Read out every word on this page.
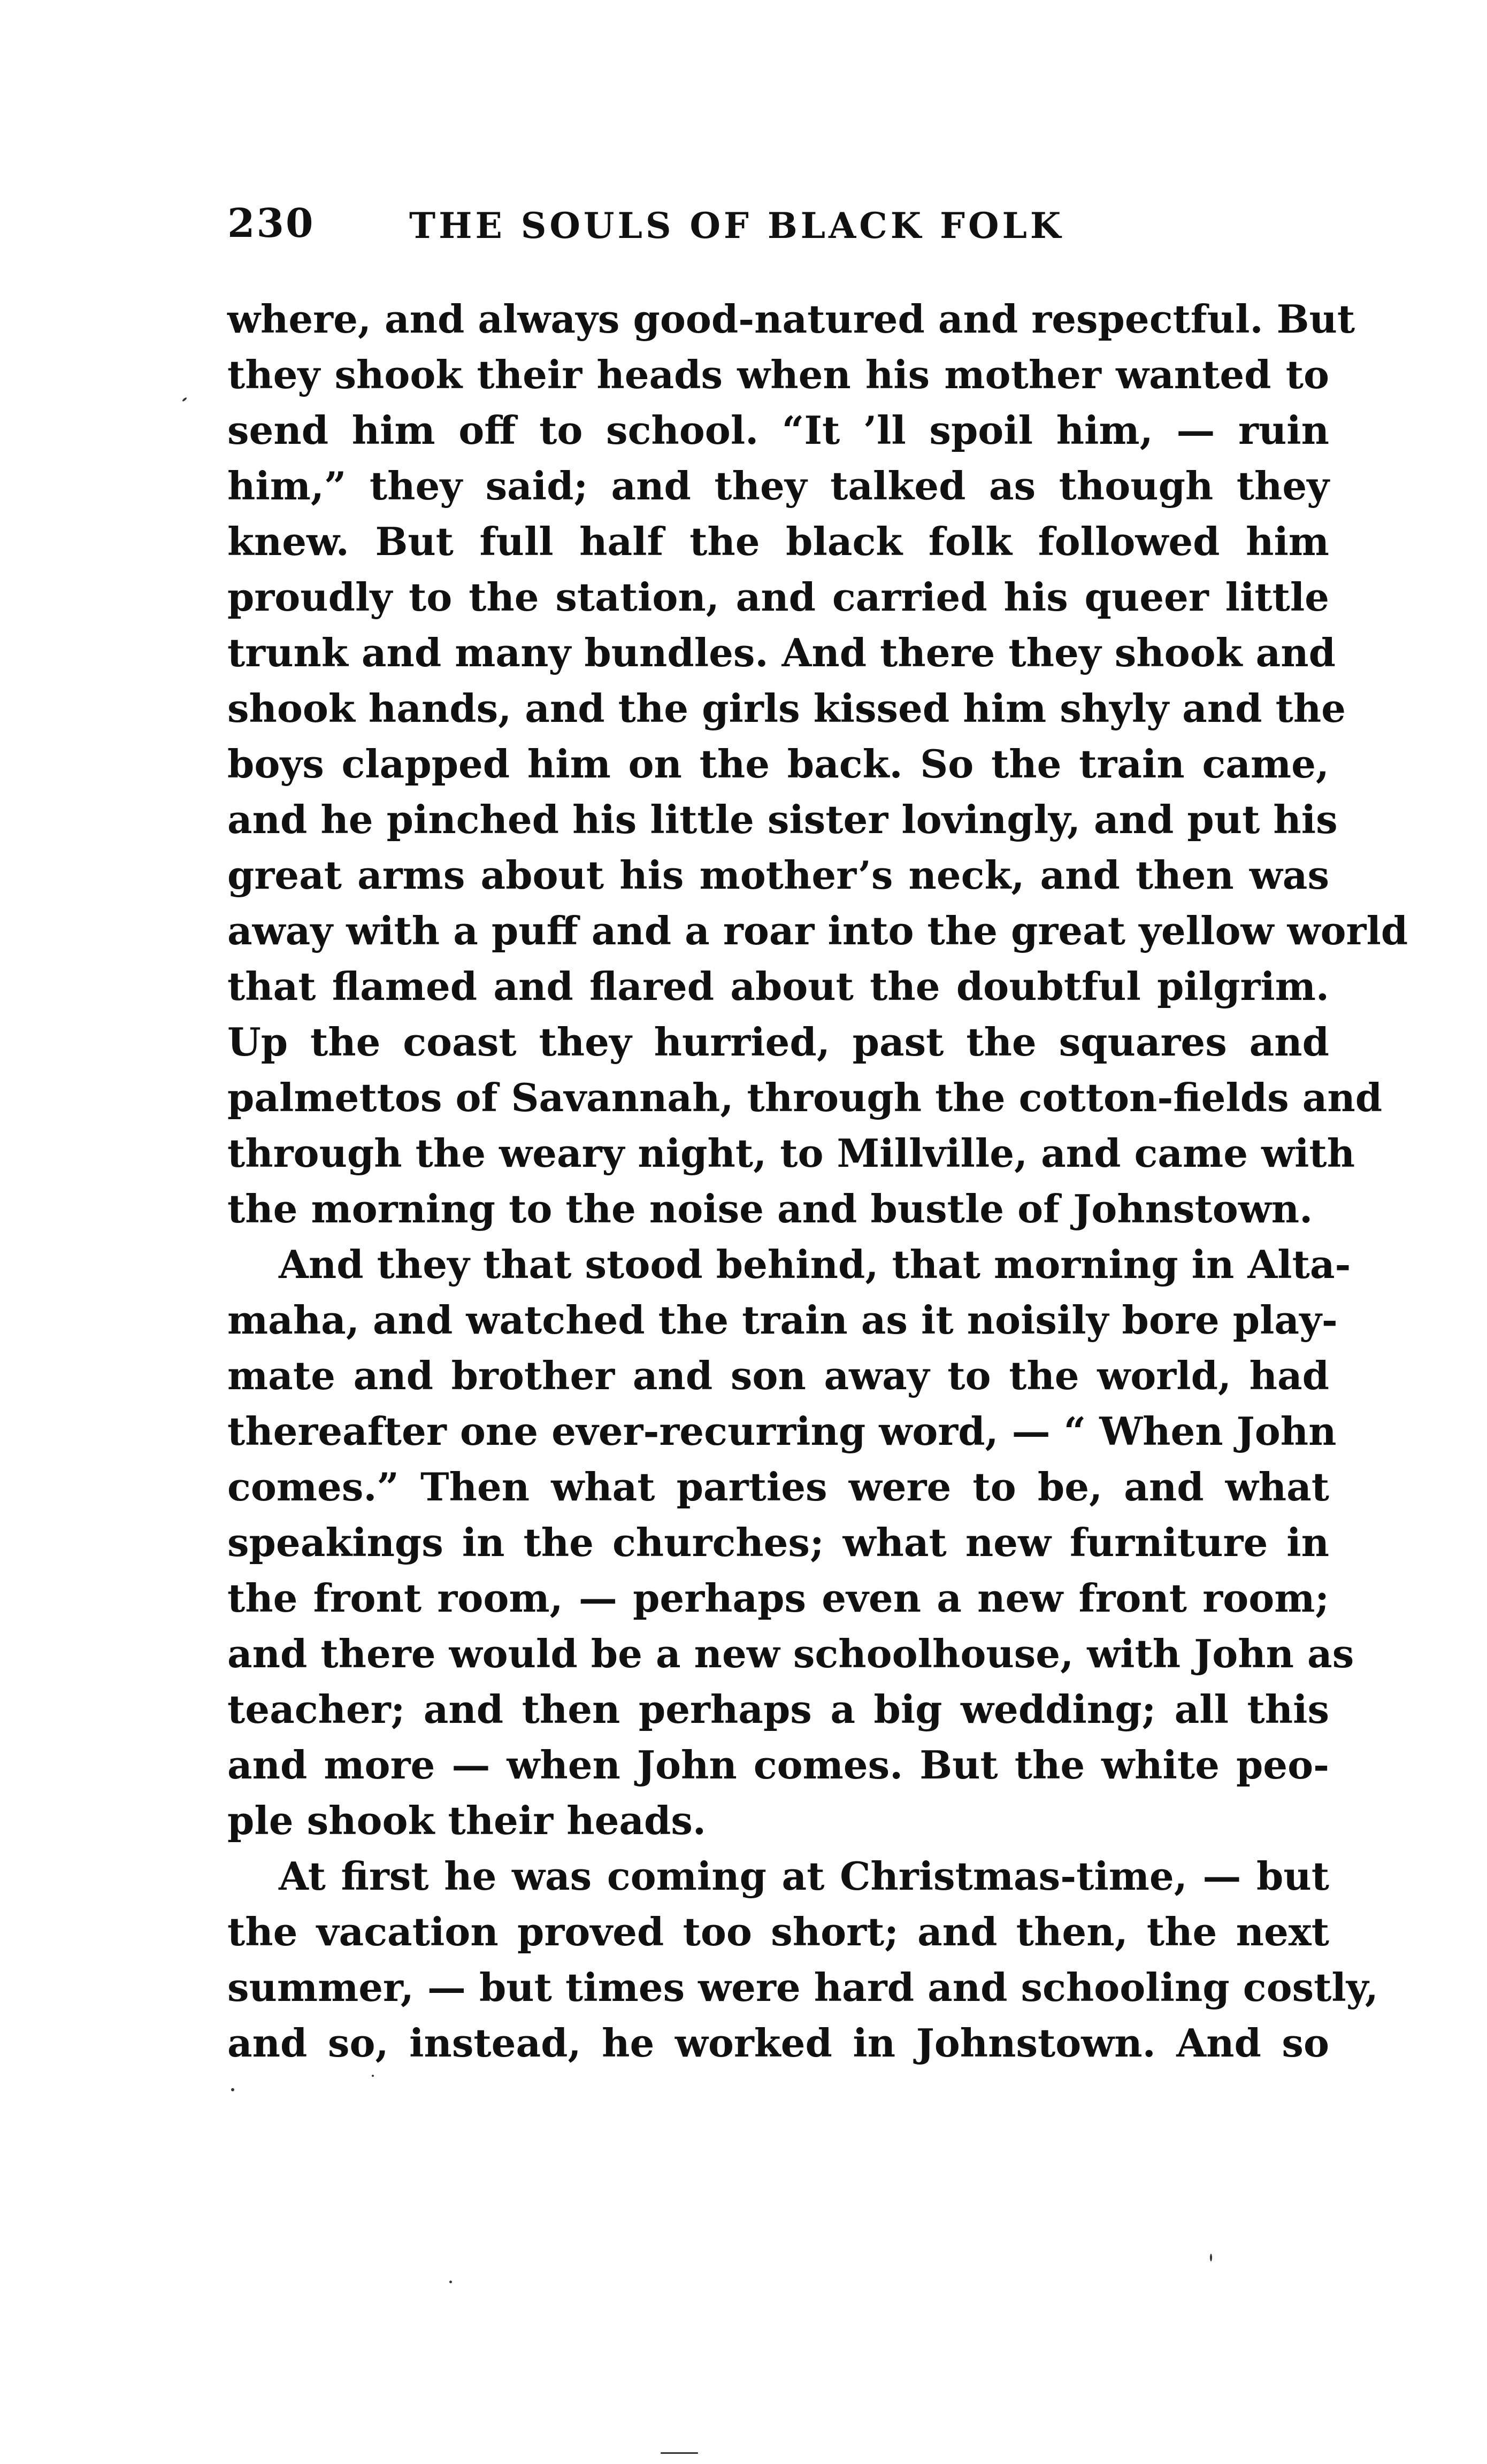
230	THE SOULS OF BLACK FOLK

where, and always good-natured and respectful. But
they shook their heads when his mother wanted to
send him off to school. “It ’ll spoil him, — ruin
him,” they said; and they talked as though they
knew. But full half the black folk followed him
proudly to the station, and carried his queer little
trunk and many bundles. And there they shook and
shook hands, and the girls kissed him shyly and the
boys clapped him on the back. So the train came,
and he pinched his little sister lovingly, and put his
great arms about his mother’s neck, and then was
away with a puff and a roar into the great yellow world
that flamed and flared about the doubtful pilgrim.
Up the coast they hurried, past the squares and
palmettos of Savannah, through the cotton-fields and
through the weary night, to Millville, and came with
the morning to the noise and bustle of Johnstown.

And they that stood behind, that morning in Alta-
maha, and watched the train as it noisily bore play-
mate and brother and son away to the world, had
thereafter one ever-recurring word, — “ When John
comes.” Then what parties were to be, and what
speakings in the churches; what new furniture in
the front room, — perhaps even a new front room;
and there would be a new schoolhouse, with John as
teacher; and then perhaps a big wedding; all this
and more — when John comes. But the white peo-
ple shook their heads.

At first he was coming at Christmas-time, — but
the vacation proved too short; and then, the next
summer, — but times were hard and schooling costly,
and so, instead, he worked in Johnstown. And so
